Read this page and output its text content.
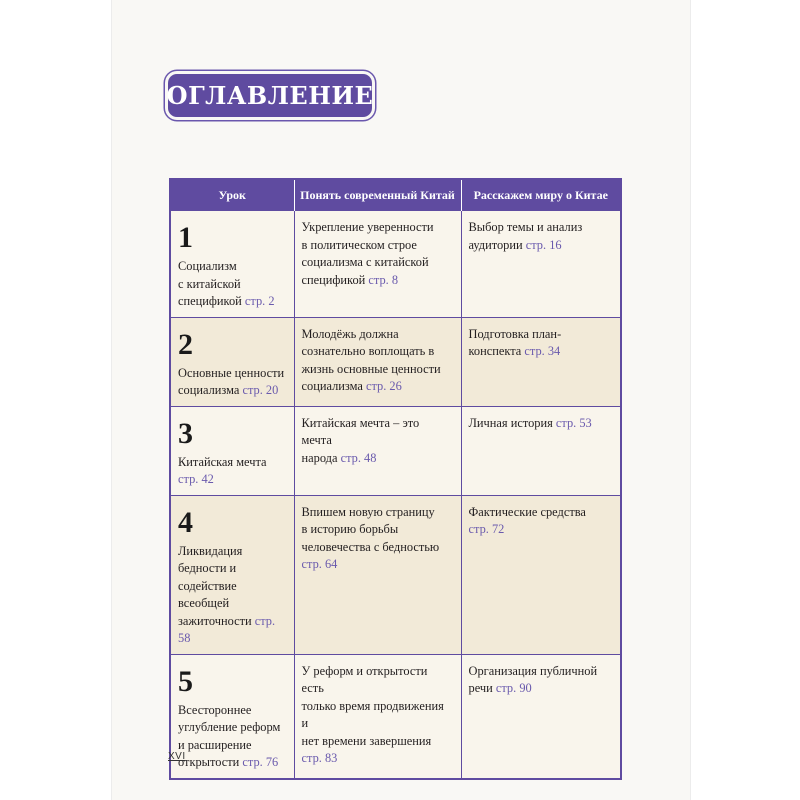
ОГЛАВЛЕНИЕ
Урок	Понять современный Китай	Расскажем миру о Китае

1
Социализм
с китайской
спецификой стр. 2	Укрепление уверенности
в политическом строе
социализма с китайской
спецификой стр. 8	Выбор темы и анализ
аудитории стр. 16

2
Основные ценности
социализма стр. 20	Молодёжь должна
сознательно воплощать в
жизнь основные ценности
социализма стр. 26	Подготовка план-
конспекта стр. 34

3
Китайская мечта
стр. 42	Китайская мечта – это мечта
народа стр. 48	Личная история стр. 53

4
Ликвидация
бедности и
содействие всеобщей
зажиточности стр. 58	Впишем новую страницу
в историю борьбы
человечества с бедностью
стр. 64	Фактические средства
стр. 72

5
Всестороннее
углубление реформ
и расширение
открытости стр. 76	У реформ и открытости есть
только время продвижения и
нет времени завершения
стр. 83	Организация публичной
речи стр. 90
XVI
